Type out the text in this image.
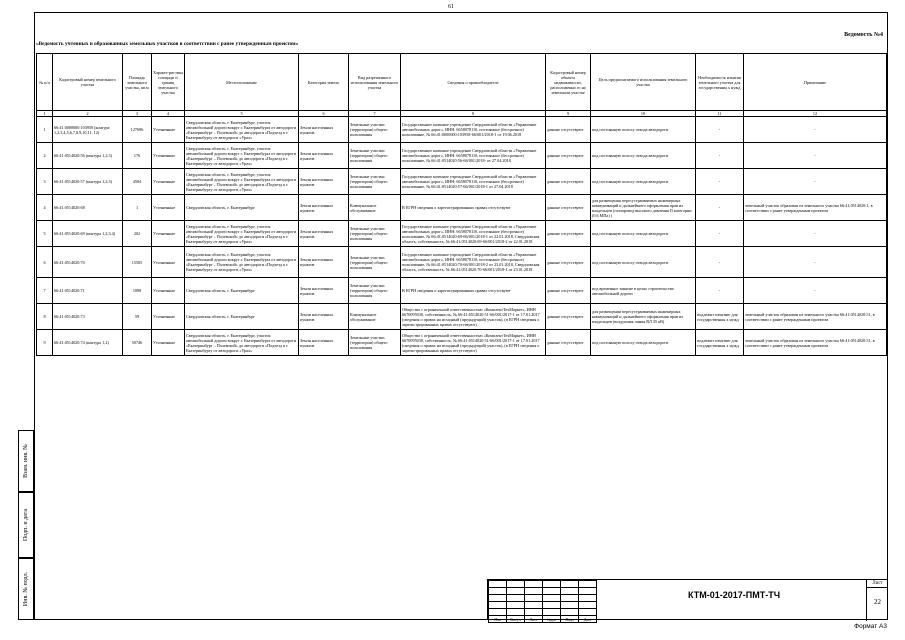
61
Ведомость №4
«Ведомость учтенных и образованных земельных участков в соответствии с ранее утвержденным проектом»
№ п/п	Кадастровый номер земельного участка	Площадь земельного участка, кв.м	Характе-ристика площади и границ земельного участка	Местоположение	Категория земель	Вид разрешенного использования земельного участка	Сведения о правообладателе	Кадастровый номер объекта недвижимости, расположенно го на земельном участке	Цель предполагаемого использования земельного участка	Необходимость изъятия земельного участка для государственны х нужд	Примечание
1	2	3	4	5	6	7	8	9	10	11	12
1	66:41:0000000:103958 (контура 1,2,3,4,5,6,7,8,9,10,11, 12)	127696	Уточненные	Свердловская область, г. Екатеринбург, участок автомобильной дороги вокруг г. Екатеринбурга от автодороги «Екатеринбург – Полевской» до автодороги «Подъезд к г. Екатеринбургу от автодороги «Урал»	Земли населенных пунктов	Земельные участки (территории) общего пользования	Государственное казенное учреждение Свердловской области «Управление автомобильных дорог», ИНН: 6658078110, постоянное (бессрочное) пользование, № 66:41:0000000:103958-66/001/2018-1 от 19.06.2018	данные отсутствуют	под постоянную полосу отвода автодороги	-	-
2	66:41:0514020:56 (контура 1,2,3)	176	Уточненные	Свердловская область, г. Екатеринбург, участок автомобильной дороги вокруг г. Екатеринбурга от автодороги «Екатеринбург – Полевской» до автодороги «Подъезд к г. Екатеринбургу от автодороги «Урал»	Земли населенных пунктов	Земельные участки (территории) общего пользования	Государственное казенное учреждение Свердловской области «Управление автомобильных дорог», ИНН: 6658078110, постоянное (бессрочное) пользование, № 66:41:0514020:56-66/001/2018- от 27.04.2018	данные отсутствуют	под постоянную полосу отвода автодороги	-	-
3	66:41:0514020:57 (контура 1,2,3)	4584	Уточненные	Свердловская область, г. Екатеринбург, участок автомобильной дороги вокруг г. Екатеринбурга от автодороги «Екатеринбург – Полевской» до автодороги «Подъезд к г. Екатеринбургу от автодороги «Урал»	Земли населенных пунктов	Земельные участки (территории) общего пользования	Государственное казенное учреждение Свердловской области «Управление автомобильных дорог», ИНН: 6658078110, постоянное (бессрочное) пользование, № 66:41:0514020:57-66/001/2018-1 от 27.04.2018	данные отсутствуют	под постоянную полосу отвода автодороги	-	-
4	66:41:0514020:68	1	Уточненные	Свердловская область, г. Екатеринбург	Земли населенных пунктов	Коммунальное обслуживание	В ЕГРН сведения о зарегистрированных правах отсутствуют	данные отсутствуют	для размещения пересустраиваемых инженерных коммуникаций и дальнейшего оформления прав их владельцев (газопровод высокого давления II категории (0,6 МПа) )	-	земельный участок образован из земельного участка 66:41:0514020:1, в соответствии с ранее утвержденным проектом
5	66:41:0514020:69 (контура 1,2,3,4)	202	Уточненные	Свердловская область, г. Екатеринбург, участок автомобильной дороги вокруг г. Екатеринбурга от автодороги «Екатеринбург – Полевской» до автодороги «Подъезд к г. Екатеринбургу от автодороги «Урал»	Земли населенных пунктов	Земельные участки (территории) общего пользования	Государственное казенное учреждение Свердловской области «Управление автомобильных дорог», ИНН: 6658078110, постоянное (бессрочное) пользование, № 66:41:0514020:69-66/001/2018-1 от 22.01.2018, Свердловская область, собственность, № 66:41:0514020:69-66/001/2018-2 от 22.01.2018	данные отсутствуют	под постоянную полосу отвода автодороги	-	-
6	66:41:0514020:70	15505	Уточненные	Свердловская область, г. Екатеринбург, участок автомобильной дороги вокруг г. Екатеринбурга от автодороги «Екатеринбург – Полевской» до автодороги «Подъезд к г. Екатеринбургу от автодороги «Урал»	Земли населенных пунктов	Земельные участки (территории) общего пользования	Государственное казенное учреждение Свердловской области «Управление автомобильных дорог», ИНН: 6658078110, постоянное (бессрочное) пользование, № 66:41:0514020:70-66/001/2018-2 от 23.01.2018, Свердловская область, собственность, № 66:41:0514020:70-66/001/2018-1 от 23.01.2018	данные отсутствуют	под постоянную полосу отвода автодороги	-	-
7	66:41:0514020:71	1088	Уточненные	Свердловская область, г. Екатеринбург	Земли населенных пунктов	Земельные участки (территории) общего пользования	В ЕГРН сведения о зарегистрированных правах отсутствуют	данные отсутствуют	под временное занятие в целях строительства автомобильной дороги	-	-
8	66:41:0514020:73	59	Уточненные	Свердловская область, г. Екатеринбург	Земли населенных пунктов	Коммунальное обслуживание	Общество с ограниченной ответственностью «КомплектТехМаркет», ИНН 6670095030, собственность, № 66:41:0514020:51-66/001/2017-1 от 17.01.2017 (сведения о правах на исходный (предыдущий) участок), (в ЕГРН сведения о зарегистрированных правах отсутствуют)	данные отсутствуют	для размещения пересустраиваемых инженерных коммуникаций и дальнейшего оформления прав их владельцев (воздушная линия ВЛ 35 кВ)	подлежит изъятию для государственны х нужд	земельный участок образован из земельного участка 66:41:0514020:51, в соответствии с ранее утвержденным проектом
9	66:41:0514020:74 (контура 1,2)	50746	Уточненные	Свердловская область, г. Екатеринбург, участок автомобильной дороги вокруг г. Екатеринбурга от автодороги «Екатеринбург – Полевской» до автодороги «Подъезд к г. Екатеринбургу от автодороги «Урал»	Земли населенных пунктов	Земельные участки (территории) общего пользования	Общество с ограниченной ответственностью «КомплектТехМаркет», ИНН 6670095030, собственность, № 66:41:0514020:51-66/001/2017-1 от 17.01.2017 (сведения о правах на исходный (предыдущий) участок), (в ЕГРН сведения о зарегистрированных правах отсутствуют)	данные отсутствуют	под постоянную полосу отвода автодороги	подлежит изъятию для государственны х нужд	земельный участок образован из земельного участка 66:41:0514020:51, в соответствии с ранее утвержденным проектом
Взам. инв. №
Подп. и дата
Инв. № подл.

Изм	Кол.уч	Лист	№док	Подп	Дата
КТМ-01-2017-ПМТ-ТЧ
Лист
22
Формат А3
